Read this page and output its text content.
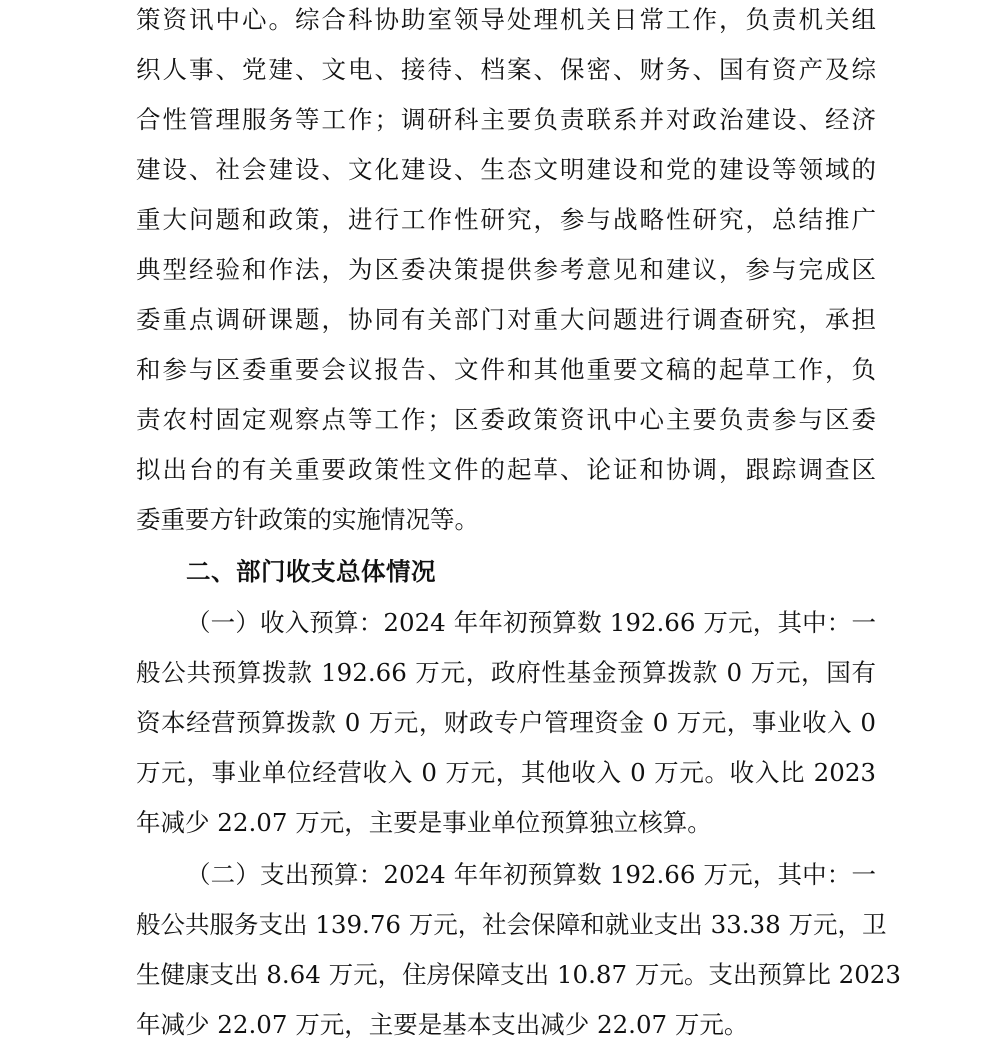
策资讯中心。综合科协助室领导处理机关日常工作，负责机关组
织人事、党建、文电、接待、档案、保密、财务、国有资产及综
合性管理服务等工作；调研科主要负责联系并对政治建设、经济
建设、社会建设、文化建设、生态文明建设和党的建设等领域的
重大问题和政策，进行工作性研究，参与战略性研究，总结推广
典型经验和作法，为区委决策提供参考意见和建议，参与完成区
委重点调研课题，协同有关部门对重大问题进行调查研究，承担
和参与区委重要会议报告、文件和其他重要文稿的起草工作，负
责农村固定观察点等工作；区委政策资讯中心主要负责参与区委
拟出台的有关重要政策性文件的起草、论证和协调，跟踪调查区
委重要方针政策的实施情况等。
二、部门收支总体情况
（一）收入预算：2024 年年初预算数 192.66 万元，其中：一
般公共预算拨款 192.66 万元，政府性基金预算拨款 0 万元，国有
资本经营预算拨款 0 万元，财政专户管理资金 0 万元，事业收入 0
万元，事业单位经营收入 0 万元，其他收入 0 万元。收入比 2023
年减少 22.07 万元，主要是事业单位预算独立核算。
（二）支出预算：2024 年年初预算数 192.66 万元，其中：一
般公共服务支出 139.76 万元，社会保障和就业支出 33.38 万元，卫
生健康支出 8.64 万元，住房保障支出 10.87 万元。支出预算比 2023
年减少 22.07 万元，主要是基本支出减少 22.07 万元。
